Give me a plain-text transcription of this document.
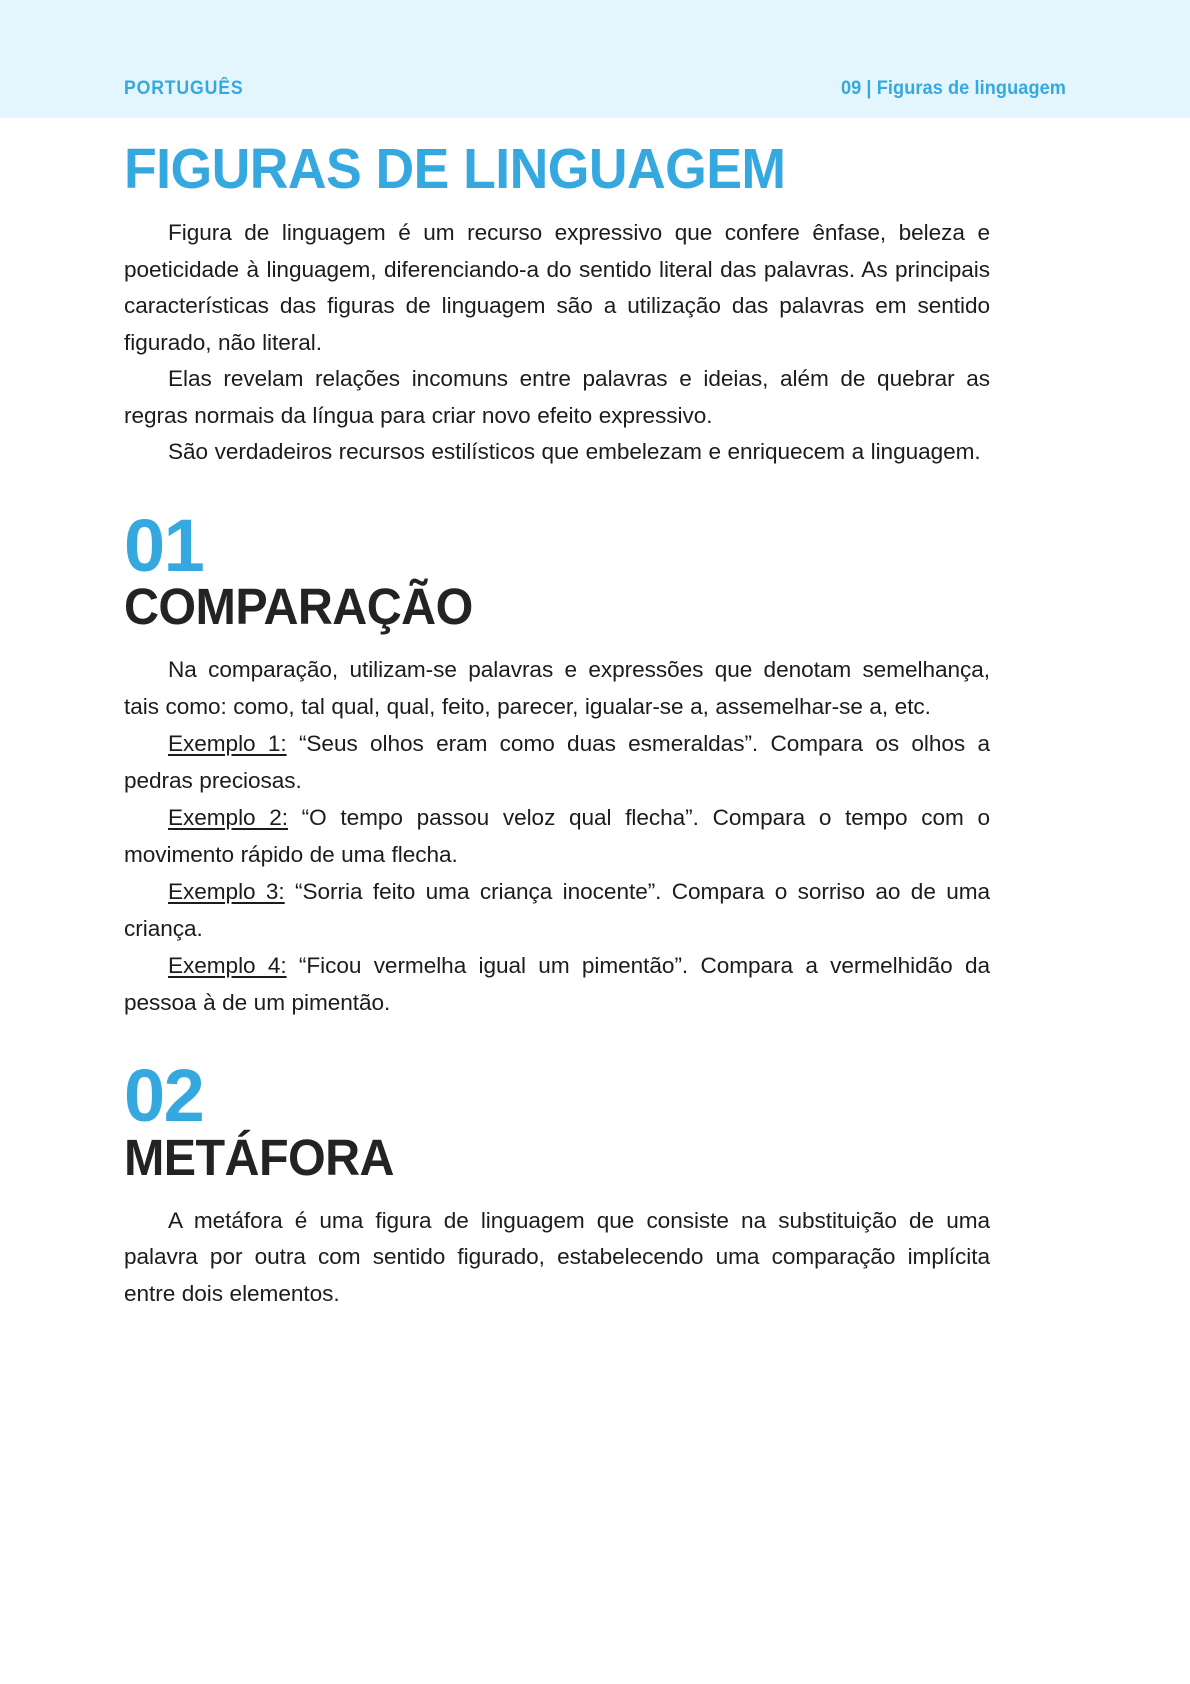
PORTUGUÊS	09 | Figuras de linguagem
FIGURAS DE LINGUAGEM

Figura de linguagem é um recurso expressivo que confere ênfase, beleza e poeticidade à linguagem, diferenciando-a do sentido literal das palavras. As principais características das figuras de linguagem são a utilização das palavras em sentido figurado, não literal.

Elas revelam relações incomuns entre palavras e ideias, além de quebrar as regras normais da língua para criar novo efeito expressivo.

São verdadeiros recursos estilísticos que embelezam e enriquecem a linguagem.

01
COMPARAÇÃO

Na comparação, utilizam-se palavras e expressões que denotam semelhança, tais como: como, tal qual, qual, feito, parecer, igualar-se a, assemelhar-se a, etc.

Exemplo 1: “Seus olhos eram como duas esmeraldas”. Compara os olhos a pedras preciosas.

Exemplo 2: “O tempo passou veloz qual flecha”. Compara o tempo com o movimento rápido de uma flecha.

Exemplo 3: “Sorria feito uma criança inocente”. Compara o sorriso ao de uma criança.

Exemplo 4: “Ficou vermelha igual um pimentão”. Compara a vermelhidão da pessoa à de um pimentão.

02
METÁFORA

A metáfora é uma figura de linguagem que consiste na substituição de uma palavra por outra com sentido figurado, estabelecendo uma comparação implícita entre dois elementos.
